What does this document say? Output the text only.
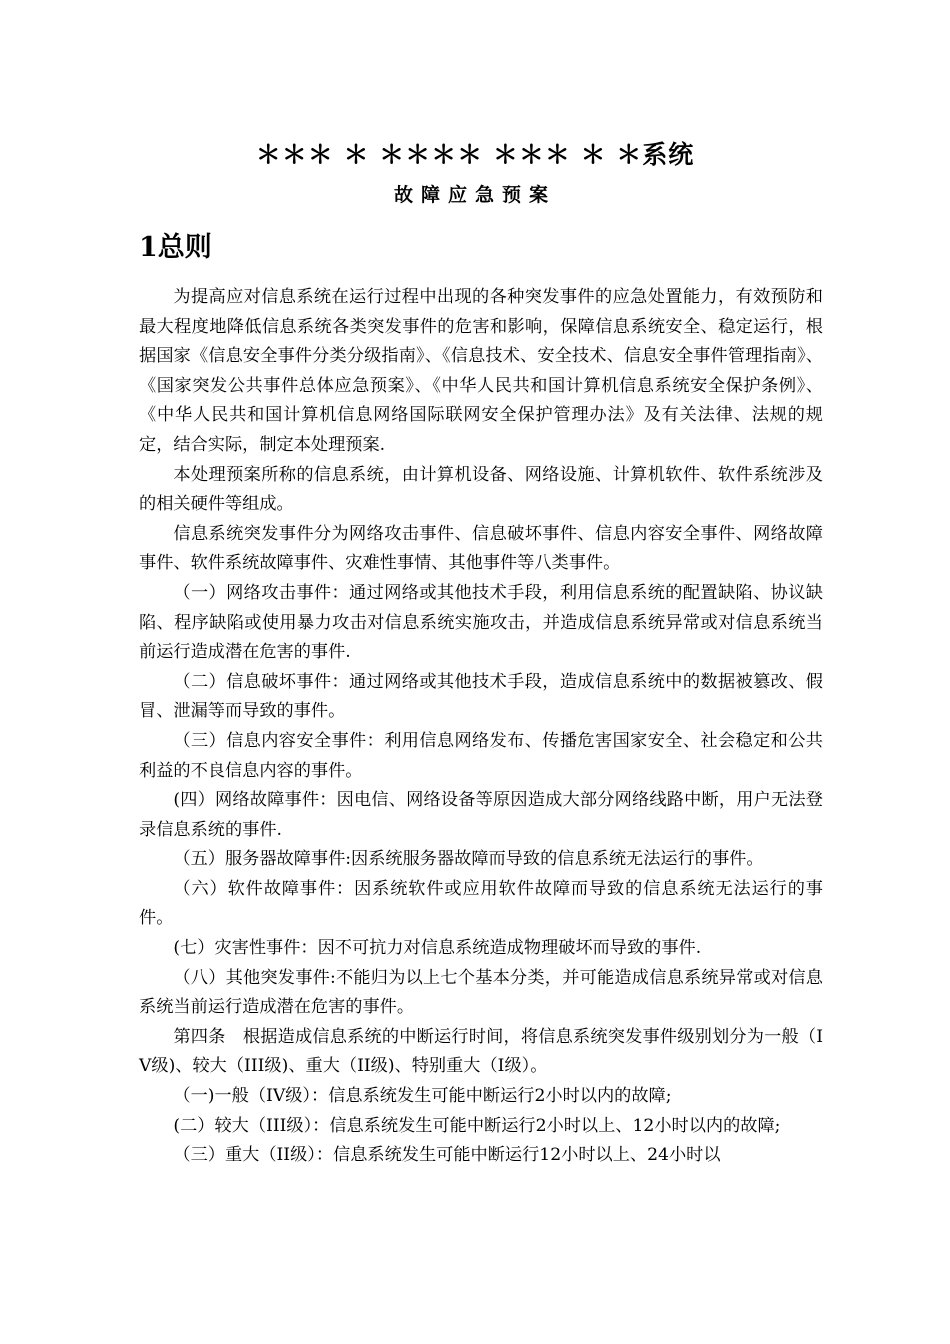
＊＊＊ ＊ ＊＊＊＊ ＊＊＊ ＊ ＊系统
故障应急预案
1总则

为提高应对信息系统在运行过程中出现的各种突发事件的应急处置能力，有效预防和最大程度地降低信息系统各类突发事件的危害和影响，保障信息系统安全、稳定运行，根据国家《信息安全事件分类分级指南》、《信息技术、安全技术、信息安全事件管理指南》、《国家突发公共事件总体应急预案》、《中华人民共和国计算机信息系统安全保护条例》、《中华人民共和国计算机信息网络国际联网安全保护管理办法》及有关法律、法规的规定，结合实际，制定本处理预案.

本处理预案所称的信息系统，由计算机设备、网络设施、计算机软件、软件系统涉及的相关硬件等组成。

信息系统突发事件分为网络攻击事件、信息破坏事件、信息内容安全事件、网络故障事件、软件系统故障事件、灾难性事情、其他事件等八类事件。

（一）网络攻击事件：通过网络或其他技术手段，利用信息系统的配置缺陷、协议缺陷、程序缺陷或使用暴力攻击对信息系统实施攻击，并造成信息系统异常或对信息系统当前运行造成潜在危害的事件.

（二）信息破坏事件：通过网络或其他技术手段，造成信息系统中的数据被篡改、假冒、泄漏等而导致的事件。

（三）信息内容安全事件：利用信息网络发布、传播危害国家安全、社会稳定和公共利益的不良信息内容的事件。

(四）网络故障事件：因电信、网络设备等原因造成大部分网络线路中断，用户无法登录信息系统的事件.

（五）服务器故障事件:因系统服务器故障而导致的信息系统无法运行的事件。

（六）软件故障事件：因系统软件或应用软件故障而导致的信息系统无法运行的事件。

(七）灾害性事件：因不可抗力对信息系统造成物理破坏而导致的事件.

（八）其他突发事件:不能归为以上七个基本分类，并可能造成信息系统异常或对信息系统当前运行造成潜在危害的事件。

第四条　根据造成信息系统的中断运行时间，将信息系统突发事件级别划分为一般（IV级)、较大（III级)、重大（II级)、特别重大（I级）。

（一)一般（IV级）：信息系统发生可能中断运行2小时以内的故障;

(二）较大（III级）：信息系统发生可能中断运行2小时以上、12小时以内的故障;

（三）重大（II级）：信息系统发生可能中断运行12小时以上、24小时以
